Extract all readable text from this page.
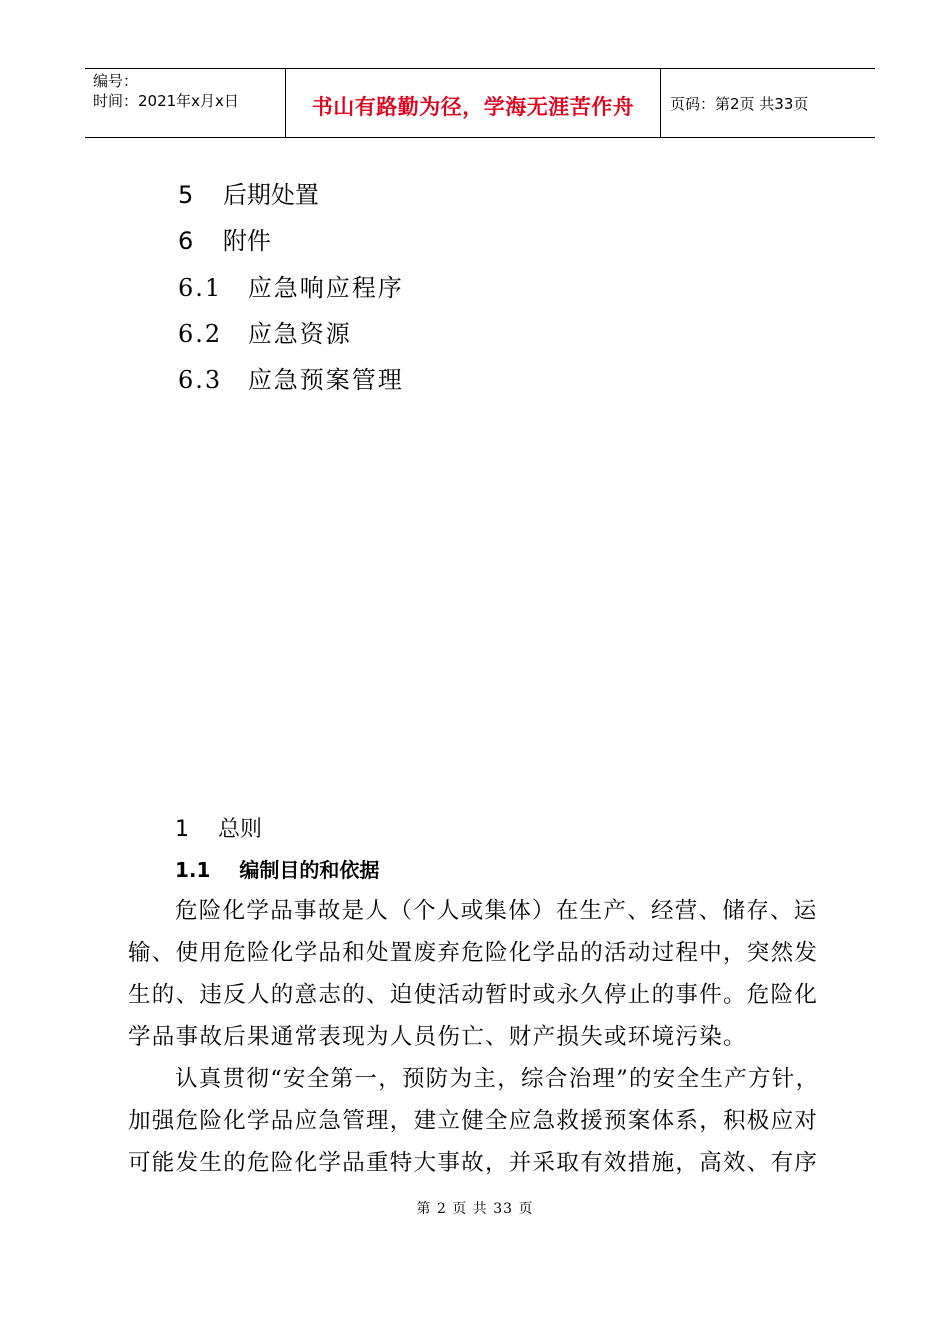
编号：
时间：2021年x月x日	书山有路勤为径，学海无涯苦作舟	页码：第2页 共33页
5 后期处置
6 附件
6.1 应急响应程序
6.2 应急资源
6.3 应急预案管理
1 总则
1.1 编制目的和依据

危险化学品事故是人（个人或集体）在生产、经营、储存、运输、使用危险化学品和处置废弃危险化学品的活动过程中，突然发生的、违反人的意志的、迫使活动暂时或永久停止的事件。危险化学品事故后果通常表现为人员伤亡、财产损失或环境污染。

认真贯彻“安全第一，预防为主，综合治理”的安全生产方针，加强危险化学品应急管理，建立健全应急救援预案体系，积极应对可能发生的危险化学品重特大事故，并采取有效措施，高效、有序

第 2 页 共 33 页
